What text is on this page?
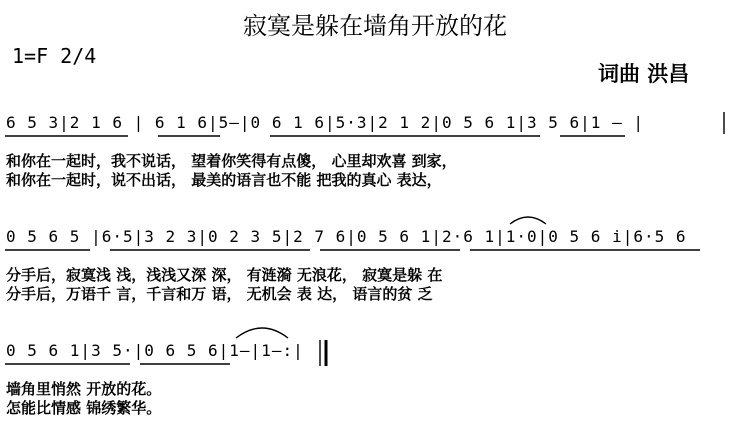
寂寞是躲在墙角开放的花
1=F 2/4
词曲 洪昌
6 5 3|2 1 6 | 6 1 6|5—|0 6 1 6|5·3|2 1 2|0 5 6 1|3 5 6|1 — |
和你在一起时，我不说话， 望着你笑得有点傻， 心里却欢喜 到家，
和你在一起时，说不出话， 最美的语言也不能 把我的真心 表达，
0 5 6 5 |6·5|3 2 3|0 2 3 5|2 7 6|0 5 6 1|2·6 1|1·0|0 5 6 i|6·5 6
分手后，寂寞浅 浅，浅浅又深 深， 有涟漪 无浪花， 寂寞是躲 在
分手后，万语千 言，千言和万 语， 无机会 表 达， 语言的贫 乏
0 5 6 1|3 5·|0 6 5 6|1—|1—:|
墙角里悄然 开放的花。
怎能比情感 锦绣繁华。
